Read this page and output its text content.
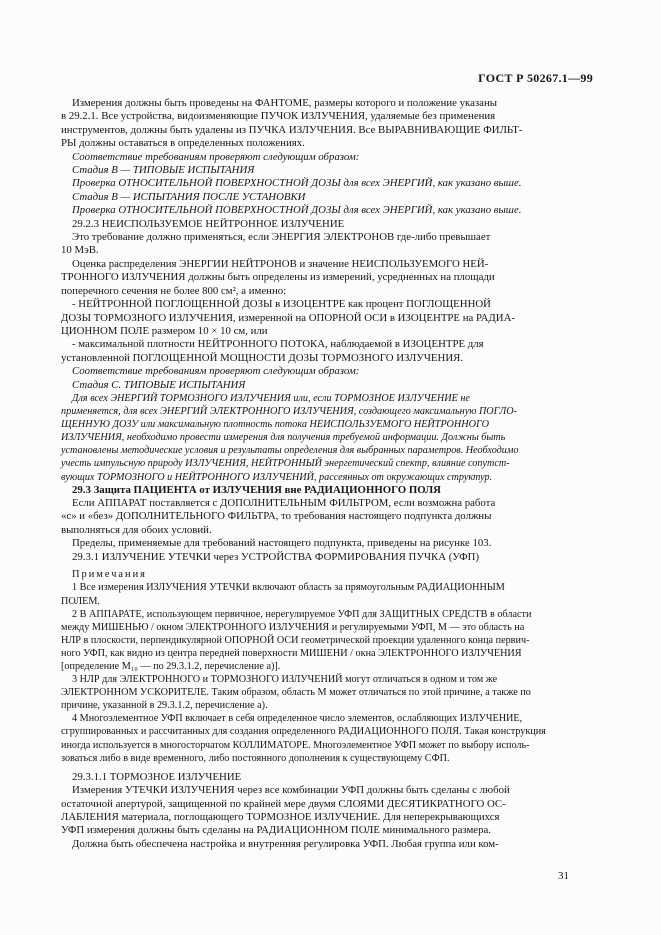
ГОСТ Р 50267.1—99

Измерения должны быть проведены на ФАНТОМЕ, размеры которого и положение указаны

в 29.2.1. Все устройства, видоизменяющие ПУЧОК ИЗЛУЧЕНИЯ, удаляемые без применения

инструментов, должны быть удалены из ПУЧКА ИЗЛУЧЕНИЯ. Все ВЫРАВНИВАЮЩИЕ ФИЛЬТ-

РЫ должны оставаться в определенных положениях.

Соответствие требованиям проверяют следующим образом:

Стадия В — ТИПОВЫЕ ИСПЫТАНИЯ

Проверка ОТНОСИТЕЛЬНОЙ ПОВЕРХНОСТНОЙ ДОЗЫ для всех ЭНЕРГИЙ, как указано выше.

Стадия В — ИСПЫТАНИЯ ПОСЛЕ УСТАНОВКИ

Проверка ОТНОСИТЕЛЬНОЙ ПОВЕРХНОСТНОЙ ДОЗЫ для всех ЭНЕРГИЙ, как указано выше.

29.2.3 НЕИСПОЛЬЗУЕМОЕ НЕЙТРОННОЕ ИЗЛУЧЕНИЕ

Это требование должно применяться, если ЭНЕРГИЯ ЭЛЕКТРОНОВ где-либо превышает

10 МэВ.

Оценка распределения ЭНЕРГИИ НЕЙТРОНОВ и значение НЕИСПОЛЬЗУЕМОГО НЕЙ-

ТРОННОГО ИЗЛУЧЕНИЯ должны быть определены из измерений, усредненных на площади

поперечного сечения не более 800 см², а именно:

- НЕЙТРОННОЙ ПОГЛОЩЕННОЙ ДОЗЫ в ИЗОЦЕНТРЕ как процент ПОГЛОЩЕННОЙ

ДОЗЫ ТОРМОЗНОГО ИЗЛУЧЕНИЯ, измеренной на ОПОРНОЙ ОСИ в ИЗОЦЕНТРЕ на РАДИА-

ЦИОННОМ ПОЛЕ размером 10 × 10 см, или

- максимальной плотности НЕЙТРОННОГО ПОТОКА, наблюдаемой в ИЗОЦЕНТРЕ для

установленной ПОГЛОЩЕННОЙ МОЩНОСТИ ДОЗЫ ТОРМОЗНОГО ИЗЛУЧЕНИЯ.

Соответствие требованиям проверяют следующим образом:

Стадия С. ТИПОВЫЕ ИСПЫТАНИЯ

Для всех ЭНЕРГИЙ ТОРМОЗНОГО ИЗЛУЧЕНИЯ или, если ТОРМОЗНОЕ ИЗЛУЧЕНИЕ не

применяется, для всех ЭНЕРГИЙ ЭЛЕКТРОННОГО ИЗЛУЧЕНИЯ, создающего максимальную ПОГЛО-

ЩЕННУЮ ДОЗУ или максимальную плотность потока НЕИСПОЛЬЗУЕМОГО НЕЙТРОННОГО

ИЗЛУЧЕНИЯ, необходимо провести измерения для получения требуемой информации. Должны быть

установлены методические условия и результаты определения для выбранных параметров. Необходимо

учесть импульсную природу ИЗЛУЧЕНИЯ, НЕЙТРОННЫЙ энергетический спектр, влияние сопутст-

вующих ТОРМОЗНОГО и НЕЙТРОННОГО ИЗЛУЧЕНИЙ, рассеянных от окружающих структур.

29.3 Защита ПАЦИЕНТА от ИЗЛУЧЕНИЯ вне РАДИАЦИОННОГО ПОЛЯ

Если АППАРАТ поставляется с ДОПОЛНИТЕЛЬНЫМ ФИЛЬТРОМ, если возможна работа

«с» и «без» ДОПОЛНИТЕЛЬНОГО ФИЛЬТРА, то требования настоящего подпункта должны

выполняться для обоих условий.

Пределы, применяемые для требований настоящего подпункта, приведены на рисунке 103.

29.3.1 ИЗЛУЧЕНИЕ УТЕЧКИ через УСТРОЙСТВА ФОРМИРОВАНИЯ ПУЧКА (УФП)

Примечания

1 Все измерения ИЗЛУЧЕНИЯ УТЕЧКИ включают область за прямоугольным РАДИАЦИОННЫМ

ПОЛЕМ.

2 В АППАРАТЕ, использующем первичное, нерегулируемое УФП для ЗАЩИТНЫХ СРЕДСТВ в области

между МИШЕНЬЮ / окном ЭЛЕКТРОННОГО ИЗЛУЧЕНИЯ и регулируемыми УФП, M — это область на

НЛР в плоскости, перпендикулярной ОПОРНОЙ ОСИ геометрической проекции удаленного конца первич-

ного УФП, как видно из центра передней поверхности МИШЕНИ / окна ЭЛЕКТРОННОГО ИЗЛУЧЕНИЯ

[определение M₁₀ — по 29.3.1.2, перечисление а)].

3 НЛР для ЭЛЕКТРОННОГО и ТОРМОЗНОГО ИЗЛУЧЕНИЙ могут отличаться в одном и том же

ЭЛЕКТРОННОМ УСКОРИТЕЛЕ. Таким образом, область M может отличаться по этой причине, а также по

причине, указанной в 29.3.1.2, перечисление а).

4 Многоэлементное УФП включает в себя определенное число элементов, ослабляющих ИЗЛУЧЕНИЕ,

сгруппированных и рассчитанных для создания определенного РАДИАЦИОННОГО ПОЛЯ. Такая конструкция

иногда используется в многосторчатом КОЛЛИМАТОРЕ. Многоэлементное УФП может по выбору исполь-

зоваться либо в виде временного, либо постоянного дополнения к существующему СФП.

29.3.1.1 ТОРМОЗНОЕ ИЗЛУЧЕНИЕ

Измерения УТЕЧКИ ИЗЛУЧЕНИЯ через все комбинации УФП должны быть сделаны с любой

остаточной апертурой, защищенной по крайней мере двумя СЛОЯМИ ДЕСЯТИКРАТНОГО ОС-

ЛАБЛЕНИЯ материала, поглощающего ТОРМОЗНОЕ ИЗЛУЧЕНИЕ. Для неперекрывающихся

УФП измерения должны быть сделаны на РАДИАЦИОННОМ ПОЛЕ минимального размера.

Должна быть обеспечена настройка и внутренняя регулировка УФП. Любая группа или ком-

31
